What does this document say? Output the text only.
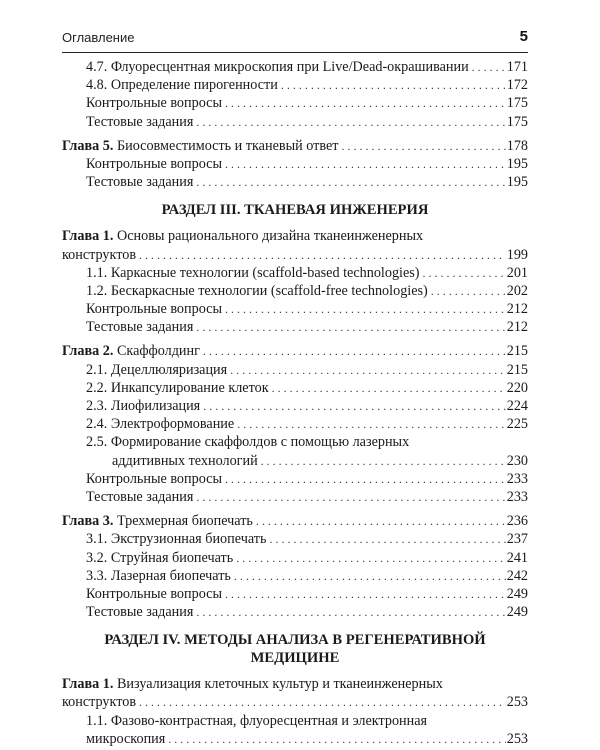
Оглавление	5
4.7. Флуоресцентная микроскопия при Live/Dead-окрашивании . . .	171
4.8. Определение пирогенности . . .	172
Контрольные вопросы . . .	175
Тестовые задания . . .	175
Глава 5. Биосовместимость и тканевый ответ . . .	178
Контрольные вопросы . . .	195
Тестовые задания . . .	195
РАЗДЕЛ III. ТКАНЕВАЯ ИНЖЕНЕРИЯ
Глава 1. Основы рационального дизайна тканеинженерных
конструктов . . .	199
1.1. Каркасные технологии (scaffold-based technologies) . . .	201
1.2. Бескаркасные технологии (scaffold-free technologies) . . .	202
Контрольные вопросы . . .	212
Тестовые задания . . .	212
Глава 2. Скаффолдинг . . .	215
2.1. Децеллюляризация . . .	215
2.2. Инкапсулирование клеток . . .	220
2.3. Лиофилизация . . .	224
2.4. Электроформование . . .	225
2.5. Формирование скаффолдов с помощью лазерных
аддитивных технологий . . .	230
Контрольные вопросы . . .	233
Тестовые задания . . .	233
Глава 3. Трехмерная биопечать . . .	236
3.1. Экструзионная биопечать . . .	237
3.2. Струйная биопечать . . .	241
3.3. Лазерная биопечать . . .	242
Контрольные вопросы . . .	249
Тестовые задания . . .	249
РАЗДЕЛ IV. МЕТОДЫ АНАЛИЗА В РЕГЕНЕРАТИВНОЙ
МЕДИЦИНЕ
Глава 1. Визуализация клеточных культур и тканеинженерных
конструктов . . .	253
1.1. Фазово-контрастная, флуоресцентная и электронная
микроскопия . . .	253
